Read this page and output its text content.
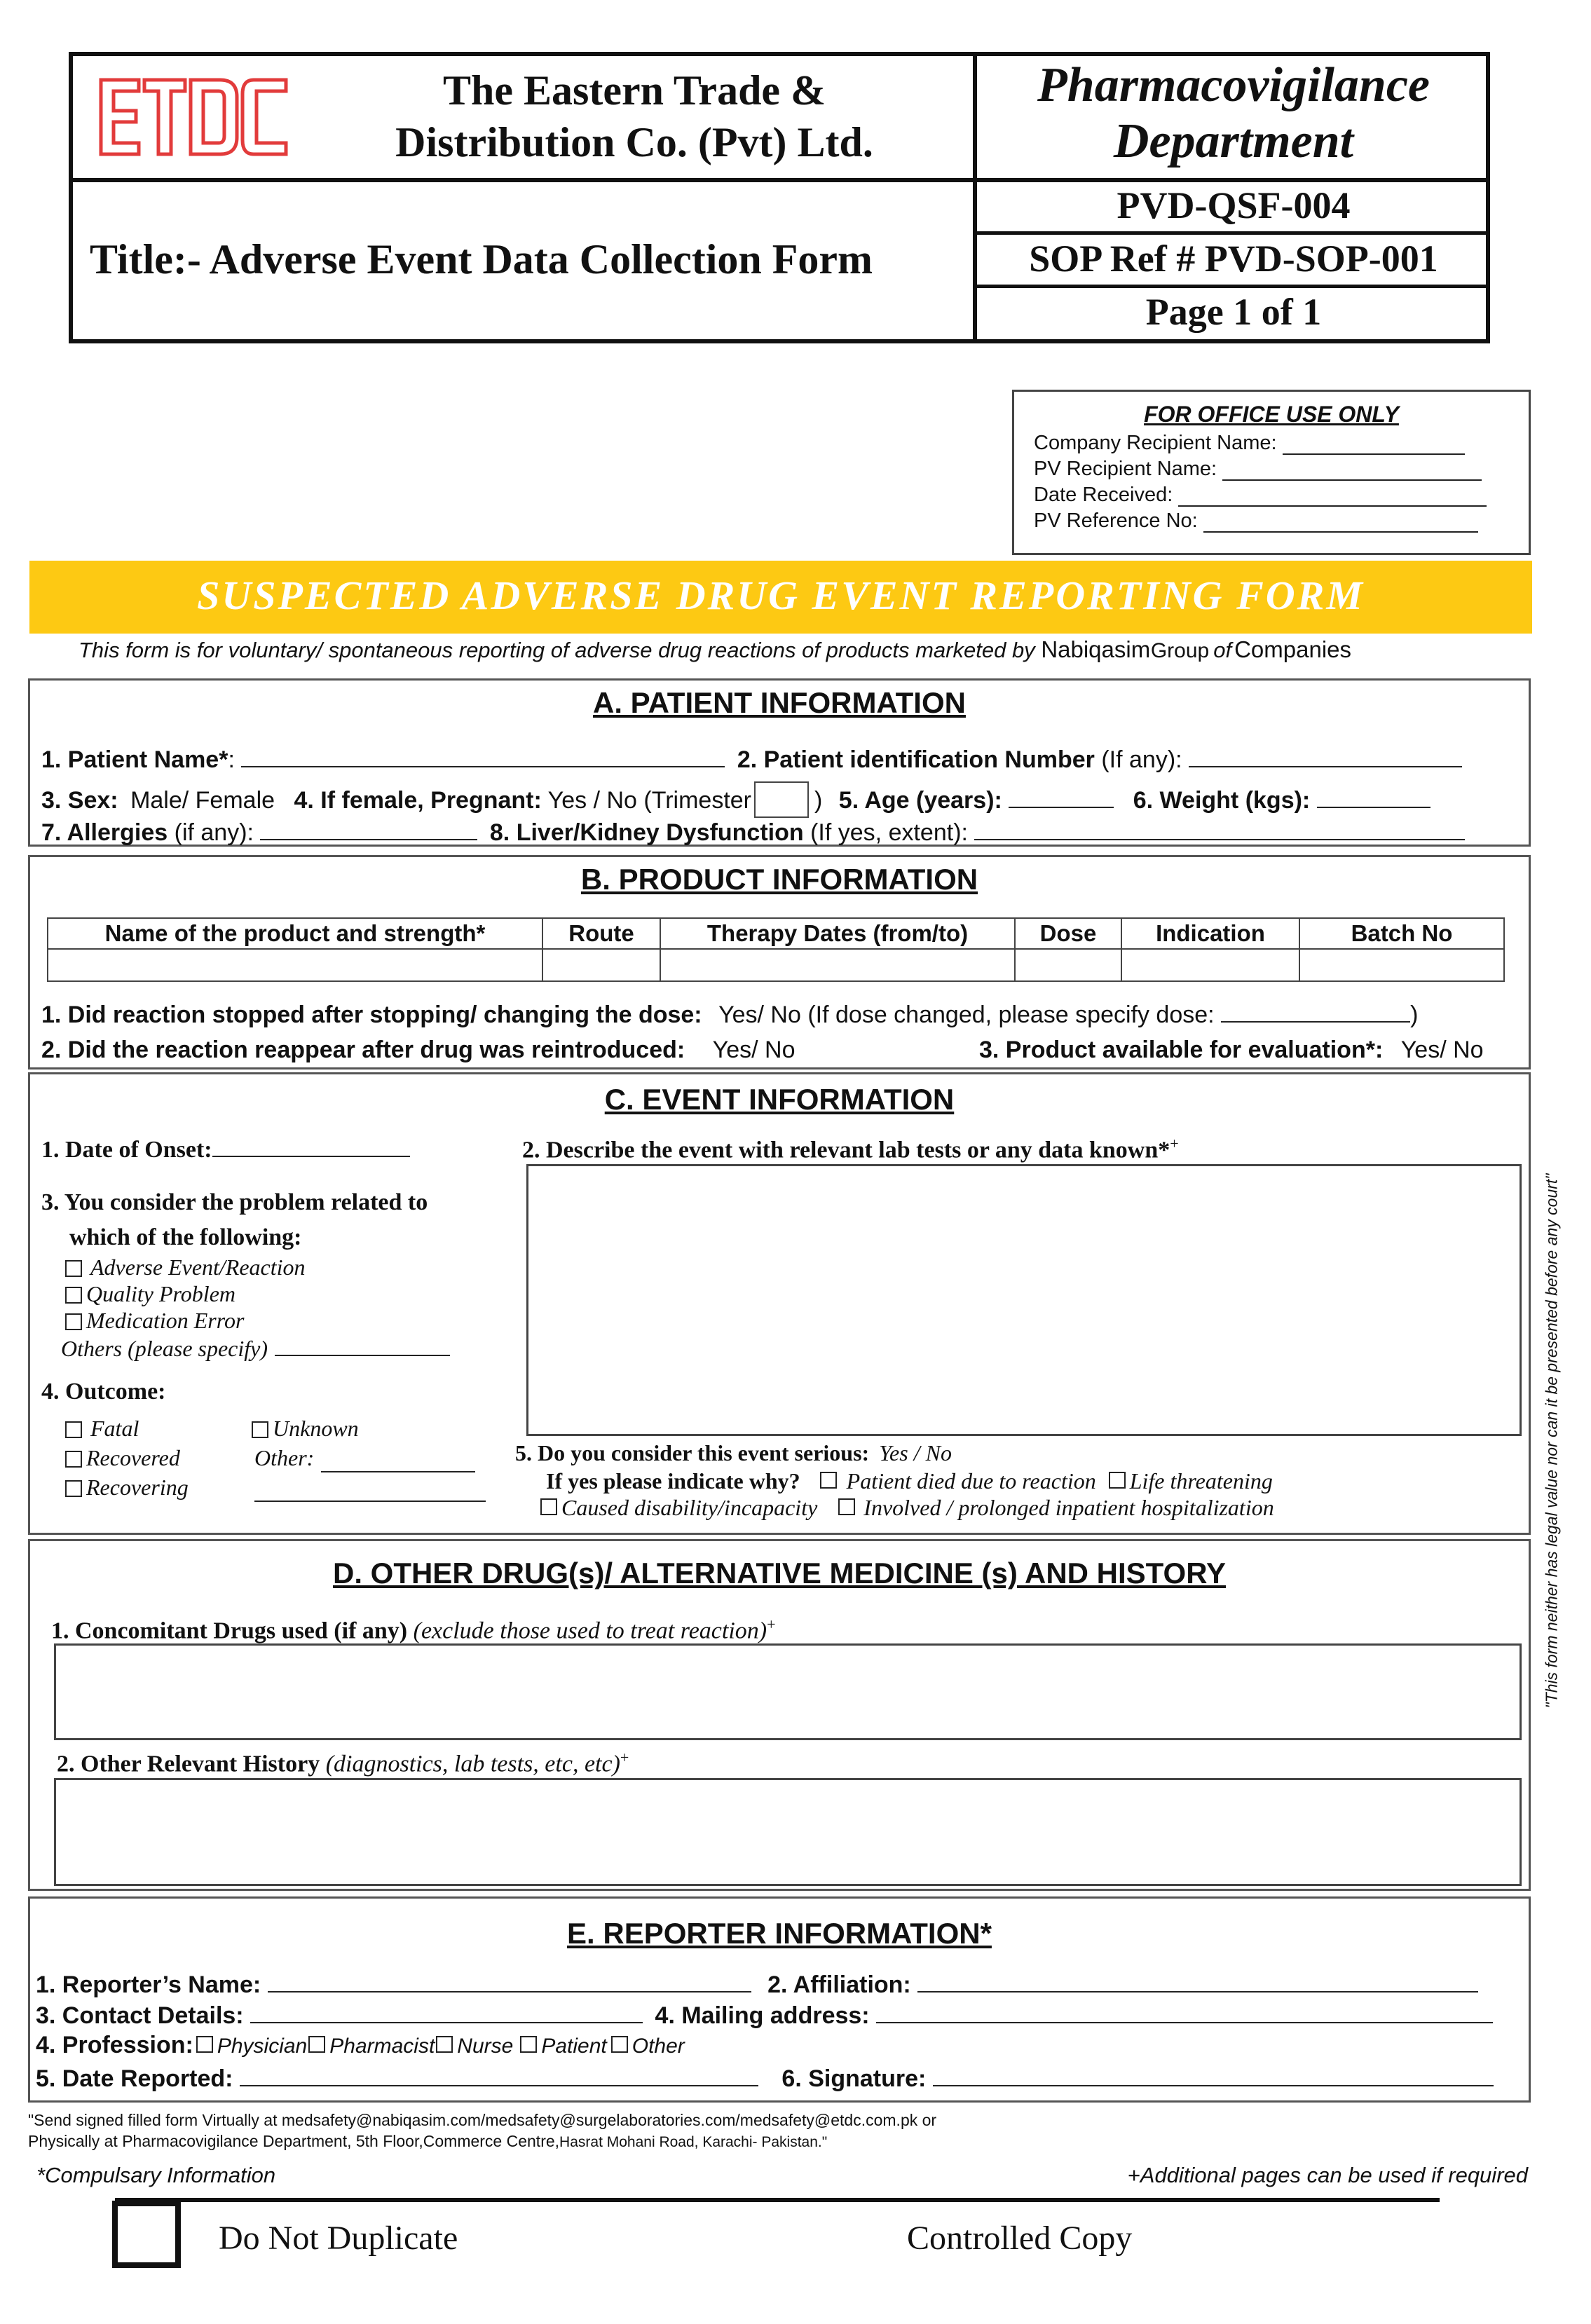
The Eastern Trade &
Distribution Co. (Pvt) Ltd.
Pharmacovigilance
Department
Title:- Adverse Event Data Collection Form
PVD-QSF-004
SOP Ref # PVD-SOP-001
Page 1 of 1
FOR OFFICE USE ONLY
Company Recipient Name:
PV Recipient Name:
Date Received:
PV Reference No:
SUSPECTED ADVERSE DRUG EVENT REPORTING FORM
This form is for voluntary/ spontaneous reporting of adverse drug reactions of products marketed by Nabiqasim Group of Companies
A. PATIENT INFORMATION
1. Patient Name*:	2. Patient identification Number (If any):
3. Sex: Male/ Female 4. If female, Pregnant: Yes / No (Trimester	) 5. Age (years):	6. Weight (kgs):
7. Allergies (if any):	8. Liver/Kidney Dysfunction (If yes, extent):
B. PRODUCT INFORMATION
Name of the product and strength*	Route	Therapy Dates (from/to)	Dose	Indication	Batch No

1. Did reaction stopped after stopping/ changing the dose: Yes/ No (If dose changed, please specify dose:	)
2. Did the reaction reappear after drug was reintroduced: Yes/ No	3. Product available for evaluation*: Yes/ No
C. EVENT INFORMATION
1. Date of Onset:	2. Describe the event with relevant lab tests or any data known*+
3. You consider the problem related to
which of the following:
Adverse Event/Reaction
Quality Problem
Medication Error
Others (please specify)
4. Outcome:
Fatal
Recovered
Recovering
Unknown
Other:	5. Do you consider this event serious: Yes / No
If yes please indicate why? Patient died due to reaction Life threatening
Caused disability/incapacity Involved / prolonged inpatient hospitalization
D. OTHER DRUG(s)/ ALTERNATIVE MEDICINE (s) AND HISTORY
1. Concomitant Drugs used (if any) (exclude those used to treat reaction)+
2. Other Relevant History (diagnostics, lab tests, etc, etc)+
E. REPORTER INFORMATION*
1. Reporter’s Name:	2. Affiliation:
3. Contact Details:	4. Mailing address:
4. Profession: Physician Pharmacist Nurse Patient Other
5. Date Reported:	6. Signature:
"Send signed filled form Virtually at medsafety@nabiqasim.com/medsafety@surgelaboratories.com/medsafety@etdc.com.pk or
Physically at Pharmacovigilance Department, 5th Floor,Commerce Centre,Hasrat Mohani Road, Karachi- Pakistan."
*Compulsary Information	+Additional pages can be used if required
Do Not Duplicate	Controlled Copy
"This form neither has legal value nor can it be presented before any court"
